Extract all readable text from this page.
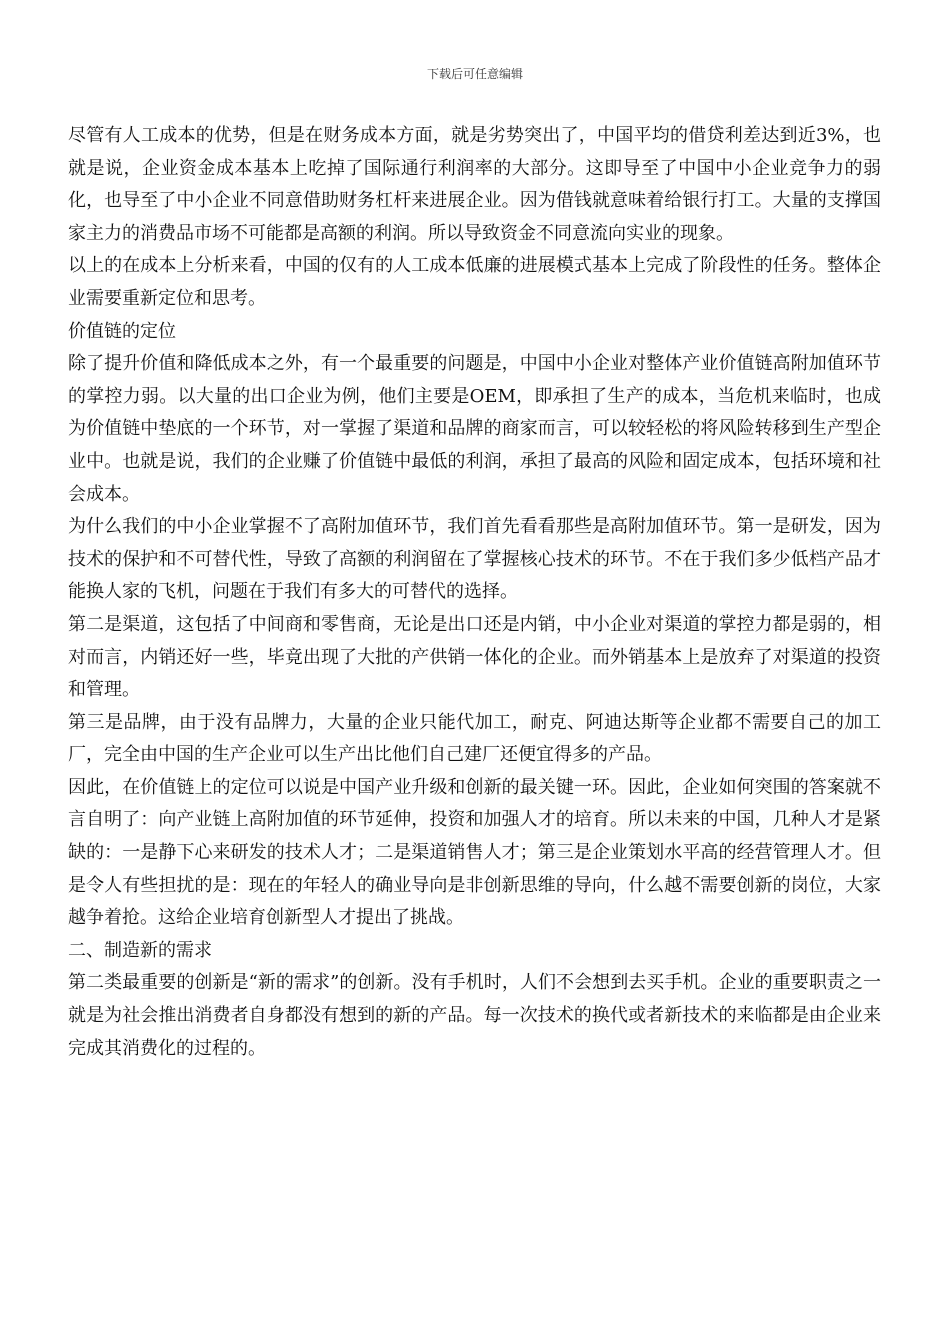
下载后可任意编辑

尽管有人工成本的优势，但是在财务成本方面，就是劣势突出了，中国平均的借贷利差达到近3%，也就是说，企业资金成本基本上吃掉了国际通行利润率的大部分。这即导至了中国中小企业竞争力的弱化，也导至了中小企业不同意借助财务杠杆来进展企业。因为借钱就意味着给银行打工。大量的支撑国家主力的消费品市场不可能都是高额的利润。所以导致资金不同意流向实业的现象。

以上的在成本上分析来看，中国的仅有的人工成本低廉的进展模式基本上完成了阶段性的任务。整体企业需要重新定位和思考。

价值链的定位

除了提升价值和降低成本之外，有一个最重要的问题是，中国中小企业对整体产业价值链高附加值环节的掌控力弱。以大量的出口企业为例，他们主要是OEM，即承担了生产的成本，当危机来临时，也成为价值链中垫底的一个环节，对一掌握了渠道和品牌的商家而言，可以较轻松的将风险转移到生产型企业中。也就是说，我们的企业赚了价值链中最低的利润，承担了最高的风险和固定成本，包括环境和社会成本。

为什么我们的中小企业掌握不了高附加值环节，我们首先看看那些是高附加值环节。第一是研发，因为技术的保护和不可替代性，导致了高额的利润留在了掌握核心技术的环节。不在于我们多少低档产品才能换人家的飞机，问题在于我们有多大的可替代的选择。

第二是渠道，这包括了中间商和零售商，无论是出口还是内销，中小企业对渠道的掌控力都是弱的，相对而言，内销还好一些，毕竟出现了大批的产供销一体化的企业。而外销基本上是放弃了对渠道的投资和管理。

第三是品牌，由于没有品牌力，大量的企业只能代加工，耐克、阿迪达斯等企业都不需要自己的加工厂，完全由中国的生产企业可以生产出比他们自己建厂还便宜得多的产品。

因此，在价值链上的定位可以说是中国产业升级和创新的最关键一环。因此，企业如何突围的答案就不言自明了：向产业链上高附加值的环节延伸，投资和加强人才的培育。所以未来的中国，几种人才是紧缺的：一是静下心来研发的技术人才；二是渠道销售人才；第三是企业策划水平高的经营管理人才。但是令人有些担扰的是：现在的年轻人的确业导向是非创新思维的导向，什么越不需要创新的岗位，大家越争着抢。这给企业培育创新型人才提出了挑战。

二、制造新的需求

第二类最重要的创新是“新的需求”的创新。没有手机时，人们不会想到去买手机。企业的重要职责之一就是为社会推出消费者自身都没有想到的新的产品。每一次技术的换代或者新技术的来临都是由企业来完成其消费化的过程的。
